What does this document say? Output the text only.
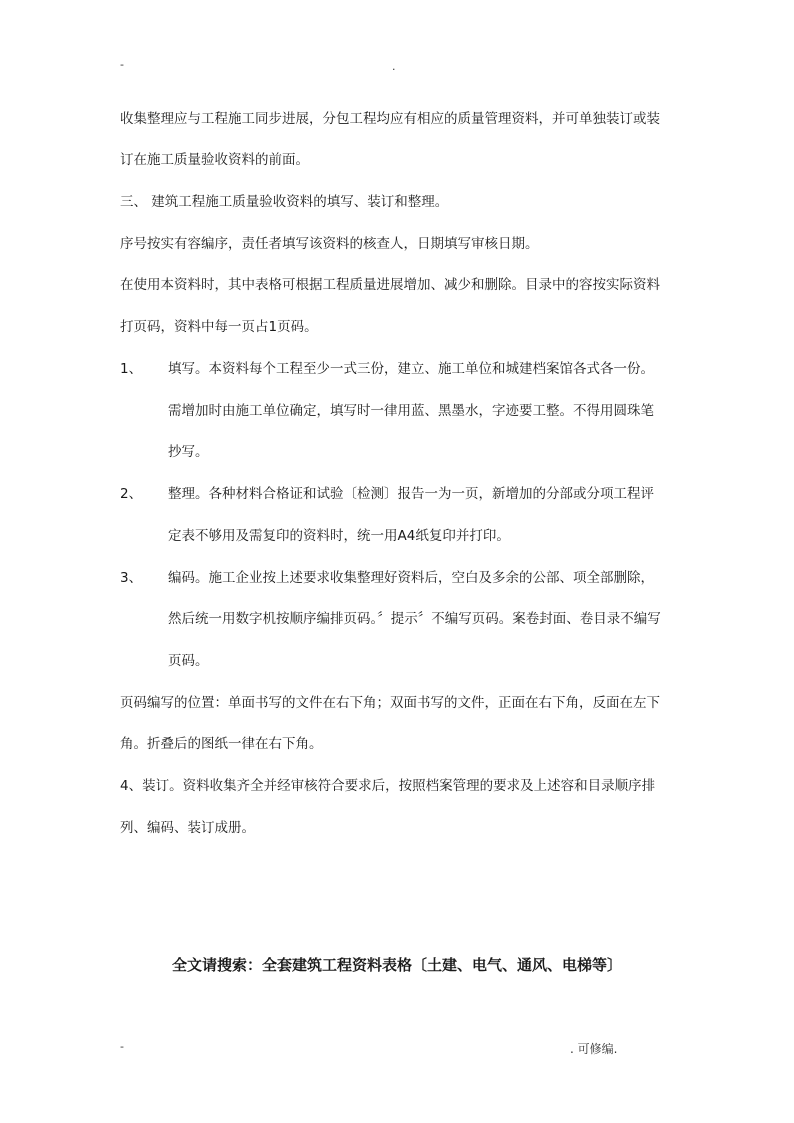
-	.
收集整理应与工程施工同步进展，分包工程均应有相应的质量管理资料，并可单独装订或装
订在施工质量验收资料的前面。
三、 建筑工程施工质量验收资料的填写、装订和整理。
序号按实有容编序，责任者填写该资料的核查人，日期填写审核日期。
在使用本资料时，其中表格可根据工程质量进展增加、减少和删除。目录中的容按实际资料
打页码，资料中每一页占1页码。
1、 填写。本资料每个工程至少一式三份，建立、施工单位和城建档案馆各式各一份。
需增加时由施工单位确定，填写时一律用蓝、黑墨水，字迹要工整。不得用圆珠笔
抄写。
2、 整理。各种材料合格证和试验〔检测〕报告一为一页，新增加的分部或分项工程评
定表不够用及需复印的资料时，统一用A4纸复印并打印。
3、 编码。施工企业按上述要求收集整理好资料后，空白及多余的公部、项全部删除，
然后统一用数字机按顺序编排页码。〞提示〞不编写页码。案卷封面、卷目录不编写
页码。
页码编写的位置：单面书写的文件在右下角；双面书写的文件，正面在右下角，反面在左下
角。折叠后的图纸一律在右下角。
4、装订。资料收集齐全并经审核符合要求后，按照档案管理的要求及上述容和目录顺序排
列、编码、装订成册。
全文请搜索：全套建筑工程资料表格〔土建、电气、通风、电梯等〕
-	. 可修编.
